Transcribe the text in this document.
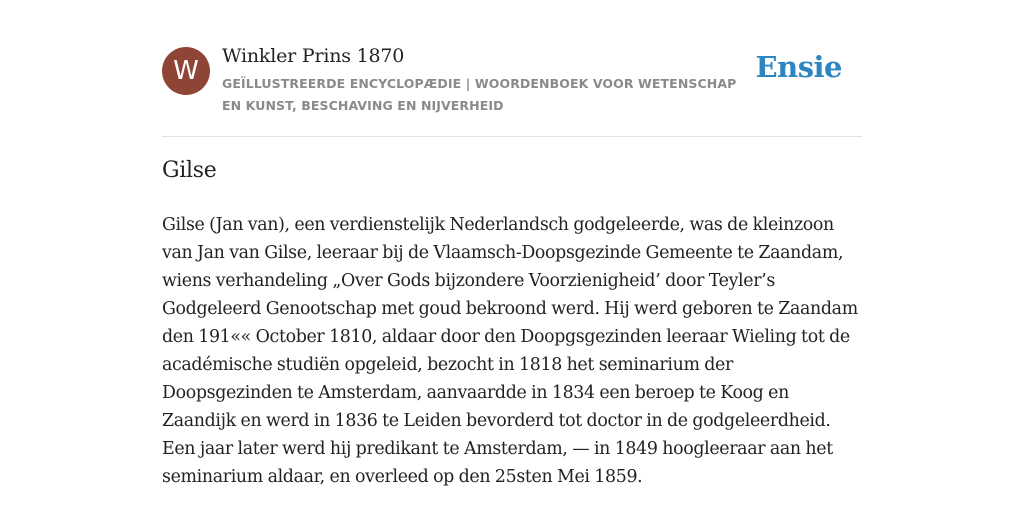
W	Winkler Prins 1870
GEÏLLUSTREERDE ENCYCLOPÆDIE | WOORDENBOEK VOOR WETENSCHAP EN KUNST, BESCHAVING EN NIJVERHEID
Ensie
Gilse

Gilse (Jan van), een verdienstelijk Nederlandsch godgeleerde, was de kleinzoon van Jan van Gilse, leeraar bij de Vlaamsch-Doopsgezinde Gemeente te Zaandam, wiens verhandeling „Over Gods bijzondere Voorzienigheid’ door Teyler’s Godgeleerd Genootschap met goud bekroond werd. Hij werd geboren te Zaandam den 191«« October 1810, aldaar door den Doopgsgezinden leeraar Wieling tot de académische studiën opgeleid, bezocht in 1818 het seminarium der Doopsgezinden te Amsterdam, aanvaardde in 1834 een beroep te Koog en Zaandijk en werd in 1836 te Leiden bevorderd tot doctor in de godgeleerdheid. Een jaar later werd hij predikant te Amsterdam, — in 1849 hoogleeraar aan het seminarium aldaar, en overleed op den 25sten Mei 1859.
